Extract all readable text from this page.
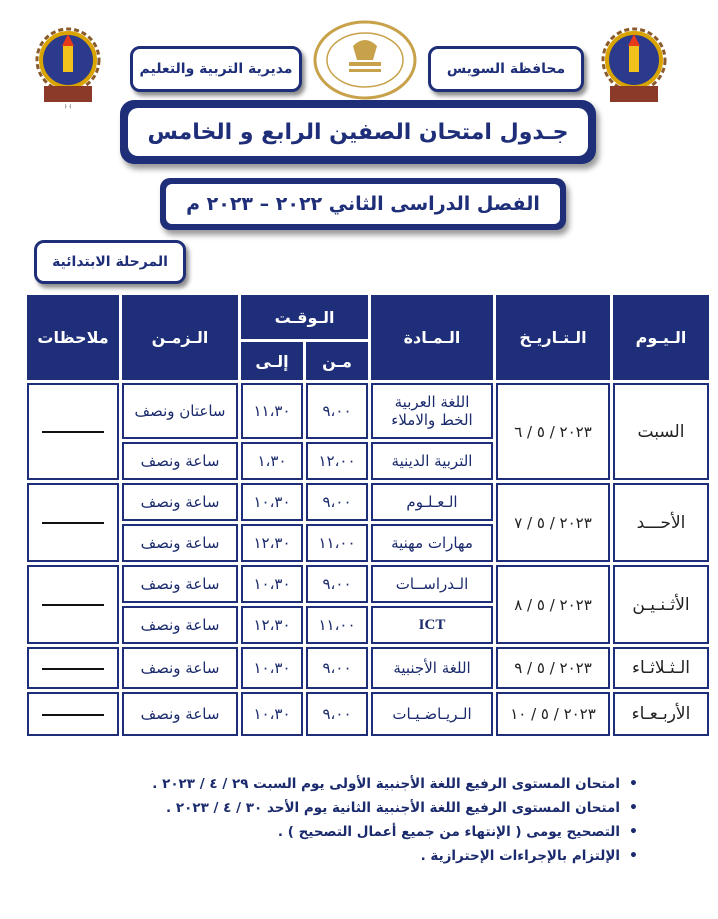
﴿ ﴾
مديرية التربية والتعليم	محافظة السويس
جـدول امتحان الصفين الرابع و الخامس
الفصل الدراسى الثاني ٢٠٢٢ – ٢٠٢٣ م
المرحلة الابتدائية
الـيـوم	الـتـاريـخ	الـمـادة	الـوقـت		الـزمـن	ملاحظات
			مـن	إلـى		
السبت	٢٠٢٣ / ٥ / ٦	اللغة العربية الخط والاملاء	٩،٠٠	١١،٣٠	ساعتان ونصف	
		التربية الدينية	١٢،٠٠	١،٣٠	ساعة ونصف	
الأحـــد	٢٠٢٣ / ٥ / ٧	الـعـلـوم	٩،٠٠	١٠،٣٠	ساعة ونصف	
		مهارات مهنية	١١،٠٠	١٢،٣٠	ساعة ونصف	
الأثـنـيـن	٢٠٢٣ / ٥ / ٨	الـدراســات	٩،٠٠	١٠،٣٠	ساعة ونصف	
		ICT	١١،٠٠	١٢،٣٠	ساعة ونصف	
الـثـلاثـاء	٢٠٢٣ / ٥ / ٩	اللغة الأجنبية	٩،٠٠	١٠،٣٠	ساعة ونصف	
الأربـعـاء	٢٠٢٣ / ٥ / ١٠	الـريـاضـيـات	٩،٠٠	١٠،٣٠	ساعة ونصف	
• امتحان المستوى الرفيع اللغة الأجنبية الأولى يوم السبت ٢٩ / ٤ / ٢٠٢٣ .
• امتحان المستوى الرفيع اللغة الأجنبية الثانية يوم الأحد ٣٠ / ٤ / ٢٠٢٣ .
• التصحيح يومى ( الإنتهاء من جميع أعمال التصحيح ) .
• الإلتزام بالإجراءات الإحترازية .
